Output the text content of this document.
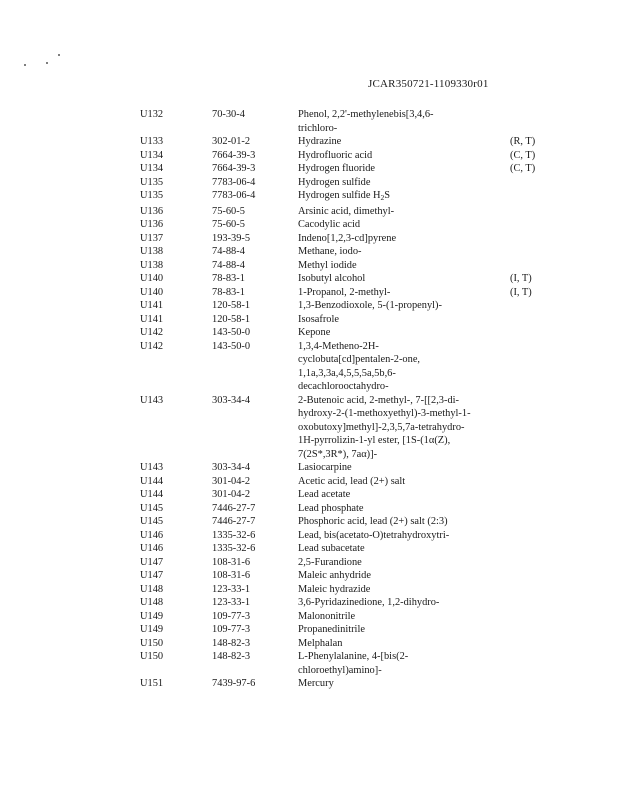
JCAR350721-1109330r01
U132	70-30-4	Phenol, 2,2'-methylenebis[3,4,6-
trichloro-
U133	302-01-2	Hydrazine	(R, T)
U134	7664-39-3	Hydrofluoric acid	(C, T)
U134	7664-39-3	Hydrogen fluoride	(C, T)
U135	7783-06-4	Hydrogen sulfide
U135	7783-06-4	Hydrogen sulfide $H_2S$
U136	75-60-5	Arsinic acid, dimethyl-
U136	75-60-5	Cacodylic acid
U137	193-39-5	Indeno[1,2,3-cd]pyrene
U138	74-88-4	Methane, iodo-
U138	74-88-4	Methyl iodide
U140	78-83-1	Isobutyl alcohol	(I, T)
U140	78-83-1	1-Propanol, 2-methyl-	(I, T)
U141	120-58-1	1,3-Benzodioxole, 5-(1-propenyl)-
U141	120-58-1	Isosafrole
U142	143-50-0	Kepone
U142	143-50-0	1,3,4-Metheno-2H-
cyclobuta[cd]pentalen-2-one,
1,1a,3,3a,4,5,5,5a,5b,6-
decachlorooctahydro-
U143	303-34-4	2-Butenoic acid, 2-methyl-, 7-[[2,3-di-
hydroxy-2-(1-methoxyethyl)-3-methyl-1-
oxobutoxy]methyl]-2,3,5,7a-tetrahydro-
1H-pyrrolizin-1-yl ester, [1S-(1α(Z),
7(2S*,3R*), 7aα)]-
U143	303-34-4	Lasiocarpine
U144	301-04-2	Acetic acid, lead (2+) salt
U144	301-04-2	Lead acetate
U145	7446-27-7	Lead phosphate
U145	7446-27-7	Phosphoric acid, lead (2+) salt (2:3)
U146	1335-32-6	Lead, bis(acetato-O)tetrahydroxytri-
U146	1335-32-6	Lead subacetate
U147	108-31-6	2,5-Furandione
U147	108-31-6	Maleic anhydride
U148	123-33-1	Maleic hydrazide
U148	123-33-1	3,6-Pyridazinedione, 1,2-dihydro-
U149	109-77-3	Malononitrile
U149	109-77-3	Propanedinitrile
U150	148-82-3	Melphalan
U150	148-82-3	L-Phenylalanine, 4-[bis(2-
chloroethyl)amino]-
U151	7439-97-6	Mercury
